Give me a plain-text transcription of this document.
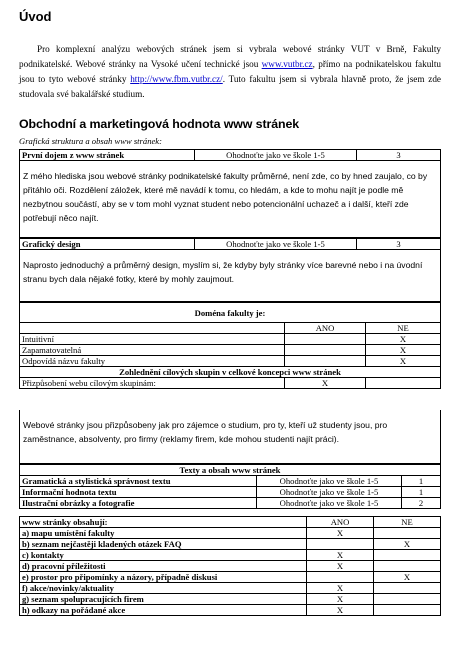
Úvod
Pro komplexní analýzu webových stránek jsem si vybrala webové stránky VUT v Brně, Fakulty podnikatelské. Webové stránky na Vysoké učení technické jsou www.vutbr.cz, přímo na podnikatelskou fakultu jsou to tyto webové stránky http://www.fbm.vutbr.cz/. Tuto fakultu jsem si vybrala hlavně proto, že jsem zde studovala své bakalářské studium.
Obchodní a marketingová hodnota www stránek
Grafická struktura a obsah www stránek:
První dojem z www stránek	Ohodnoťte jako ve škole 1-5	3
Z mého hlediska jsou webové stránky podnikatelské fakulty průměrné, není zde, co by hned zaujalo, co by přitáhlo oči. Rozdělení záložek, které mě navádí k tomu, co hledám, a kde to mohu najít je podle mě nezbytnou součástí, aby se v tom mohl vyznat student nebo potencionální uchazeč a i další, kteří zde potřebují něco najít.
Grafický design	Ohodnoťte jako ve škole 1-5	3
Naprosto jednoduchý a průměrný design, myslím si, že kdyby byly stránky více barevné nebo i na úvodní stranu bych dala nějaké fotky, které by mohly zaujmout.
Doména fakulty je:		
	ANO	NE
Intuitivní		X
Zapamatovatelná		X
Odpovídá názvu fakulty		X
Zohlednění cílových skupin v celkové koncepci www stránek		
Přizpůsobení webu cílovým skupinám:	X	
Webové stránky jsou přizpůsobeny jak pro zájemce o studium, pro ty, kteří už studenty jsou, pro zaměstnance, absolventy, pro firmy (reklamy firem, kde mohou studenti najít práci).
Texty a obsah www stránek		
Gramatická a stylistická správnost textu	Ohodnoťte jako ve škole 1-5	1
Informační hodnota textu	Ohodnoťte jako ve škole 1-5	1
Ilustrační obrázky a fotografie	Ohodnoťte jako ve škole 1-5	2
www stránky obsahují:	ANO	NE
a) mapu umístění fakulty	X	
b) seznam nejčastěji kladených otázek FAQ		X
c) kontakty	X	
d) pracovní příležitosti	X	
e) prostor pro připomínky a názory, případně diskusi		X
f) akce/novinky/aktuality	X	
g) seznam spolupracujících firem	X	
h) odkazy na pořádané akce	X	
